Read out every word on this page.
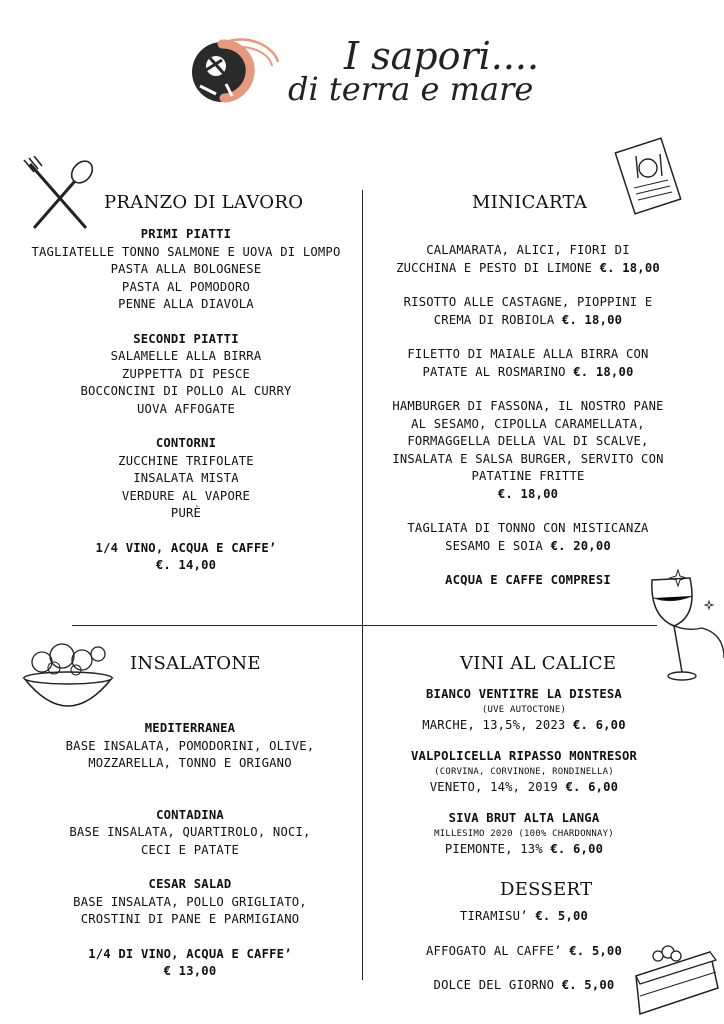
I sapori....
di terra e mare
PRANZO DI LAVORO
PRIMI PIATTI
TAGLIATELLE TONNO SALMONE E UOVA DI LOMPO
PASTA ALLA BOLOGNESE
PASTA AL POMODORO
PENNE ALLA DIAVOLA
SECONDI PIATTI
SALAMELLE ALLA BIRRA
ZUPPETTA DI PESCE
BOCCONCINI DI POLLO AL CURRY
UOVA AFFOGATE
CONTORNI
ZUCCHINE TRIFOLATE
INSALATA MISTA
VERDURE AL VAPORE
PURÈ
1/4 VINO, ACQUA E CAFFE’
€. 14,00
MINICARTA
CALAMARATA, ALICI, FIORI DI
ZUCCHINA E PESTO DI LIMONE €. 18,00
RISOTTO ALLE CASTAGNE, PIOPPINI E
CREMA DI ROBIOLA €. 18,00
FILETTO DI MAIALE ALLA BIRRA CON
PATATE AL ROSMARINO €. 18,00
HAMBURGER DI FASSONA, IL NOSTRO PANE
AL SESAMO, CIPOLLA CARAMELLATA,
FORMAGGELLA DELLA VAL DI SCALVE,
INSALATA E SALSA BURGER, SERVITO CON
PATATINE FRITTE
€. 18,00
TAGLIATA DI TONNO CON MISTICANZA
SESAMO E SOIA €. 20,00
ACQUA E CAFFE COMPRESI
INSALATONE
MEDITERRANEA
BASE INSALATA, POMODORINI, OLIVE,
MOZZARELLA, TONNO E ORIGANO
CONTADINA
BASE INSALATA, QUARTIROLO, NOCI,
CECI E PATATE
CESAR SALAD
BASE INSALATA, POLLO GRIGLIATO,
CROSTINI DI PANE E PARMIGIANO
1/4 DI VINO, ACQUA E CAFFE’
€ 13,00
VINI AL CALICE
BIANCO VENTITRE LA DISTESA
(UVE AUTOCTONE)
MARCHE, 13,5%, 2023 €. 6,00
VALPOLICELLA RIPASSO MONTRESOR
(CORVINA, CORVINONE, RONDINELLA)
VENETO, 14%, 2019 €. 6,00
SIVA BRUT ALTA LANGA
MILLESIMO 2020 (100% CHARDONNAY)
PIEMONTE, 13% €. 6,00
DESSERT
TIRAMISU’ €. 5,00
AFFOGATO AL CAFFE’ €. 5,00
DOLCE DEL GIORNO €. 5,00
